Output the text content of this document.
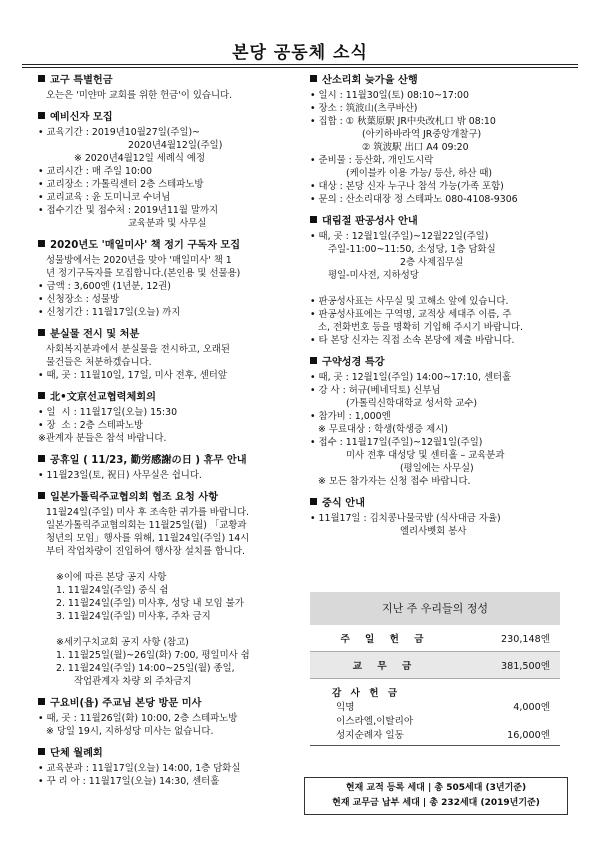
본당 공동체 소식
교구 특별헌금
오는은 '미얀마 교회를 위한 헌금'이 있습니다.
예비신자 모집
• 교육기간 : 2019년10월27일(주일)~
2020년4월12일(주일)
※ 2020년4월12일 세례식 예정
• 교리시간 : 매 주일 10:00
• 교리장소 : 가톨릭센터 2층 스테파노방
• 교리교육 : 윤 도미니코 수녀님
• 접수기간 및 접수처 : 2019년11월 말까지
교육분과 및 사무실
2020년도 '매일미사' 책 정기 구독자 모집
성물방에서는 2020년을 맞아 '매일미사' 책 1
년 정기구독자를 모집합니다.(본인용 및 선물용)
• 금액 : 3,600엔 (1년분, 12권)
• 신청장소 : 성물방
• 신청기간 : 11월17일(오늘) 까지
분실물 전시 및 처분
사회복지분과에서 분실물을 전시하고, 오래된
물건들은 처분하겠습니다.
• 때, 곳 : 11월10일, 17일, 미사 전후, 센터앞
北•文京선교협력체회의
• 일  시 : 11월17일(오늘) 15:30
• 장  소 : 2층 스테파노방
※관계자 분들은 참석 바랍니다.
공휴일 ( 11/23, 勤労感謝の日 ) 휴무 안내
• 11월23일(토, 祝日) 사무실은 쉽니다.
일본가톨릭주교협의회 협조 요청 사항
11월24일(주일) 미사 후 조속한 귀가를 바랍니다.
일본가톨릭주교협의회는 11월25일(월) 「교황과
청년의 모임」행사를 위해, 11월24일(주일) 14시
부터 작업차량이 진입하여 행사장 설치를 합니다.

※이에 따른 본당 공지 사항
1. 11월24일(주일) 중식 쉼
2. 11월24일(주일) 미사후, 성당 내 모임 불가
3. 11월24일(주일) 미사후, 주차 금지

※세키구치교회 공지 사항 (참고)
1. 11월25일(월)~26일(화) 7:00, 평일미사 쉼
2. 11월24일(주일) 14:00~25일(월) 종일,
작업관계자 차량 외 주차금지
구요비(욥) 주교님 본당 방문 미사
• 때, 곳 : 11월26일(화) 10:00, 2층 스테파노방
※ 당일 19시, 지하성당 미사는 없습니다.
단체 월례회
• 교육분과 : 11월17일(오늘) 14:00, 1층 담화실
• 꾸 리 아 : 11월17일(오늘) 14:30, 센터홀
산소리회 늦가을 산행
• 일시 : 11월30일(토) 08:10~17:00
• 장소 : 筑波山(츠쿠바산)
• 집합 : ① 秋葉原駅 JR中央改札口 밖 08:10
(아키하바라역 JR중앙개찰구)
② 筑波駅 出口 A4 09:20
• 준비물 : 등산화, 개인도시락
(케이블카 이용 가능/ 등산, 하산 때)
• 대상 : 본당 신자 누구나 참석 가능(가족 포함)
• 문의 : 산소리대장 정 스테파노 080-4108-9306
대림절 판공성사 안내
• 때, 곳 : 12월1일(주일)~12월22일(주일)
주일-11:00~11:50, 소성당, 1층 담화실
2층 사제집무실
평일-미사전, 지하성당

• 판공성사표는 사무실 및 고해소 앞에 있습니다.
• 판공성사표에는 구역명, 교적상 세대주 이름, 주
소, 전화번호 등을 명확히 기입해 주시기 바랍니다.
• 타 본당 신자는 직접 소속 본당에 제출 바랍니다.
구약성경 특강
• 때, 곳 : 12월1일(주일) 14:00~17:10, 센터홀
• 강 사 : 허규(베네딕토) 신부님
(가톨릭신학대학교 성서학 교수)
• 참가비 : 1,000엔
※ 무료대상 : 학생(학생증 제시)
• 접수 : 11월17일(주일)~12월1일(주일)
미사 전후 대성당 및 센터홀 – 교육분과
(평일에는 사무실)
※ 모든 참가자는 신청 접수 바랍니다.
중식 안내
• 11월17일 : 김치콩나물국밥 (식사대금 자율)
엘리사벳회 봉사
지난 주 우리들의 정성
주 일 헌 금	230,148엔
교 무 금	381,500엔
감 사 헌 금
익명	4,000엔
이스라엘,이탈리아
성지순례자 일동	16,000엔
현재 교적 등록 세대 | 총 505세대 (3년기준)
현재 교무금 납부 세대 | 총 232세대 (2019년기준)
